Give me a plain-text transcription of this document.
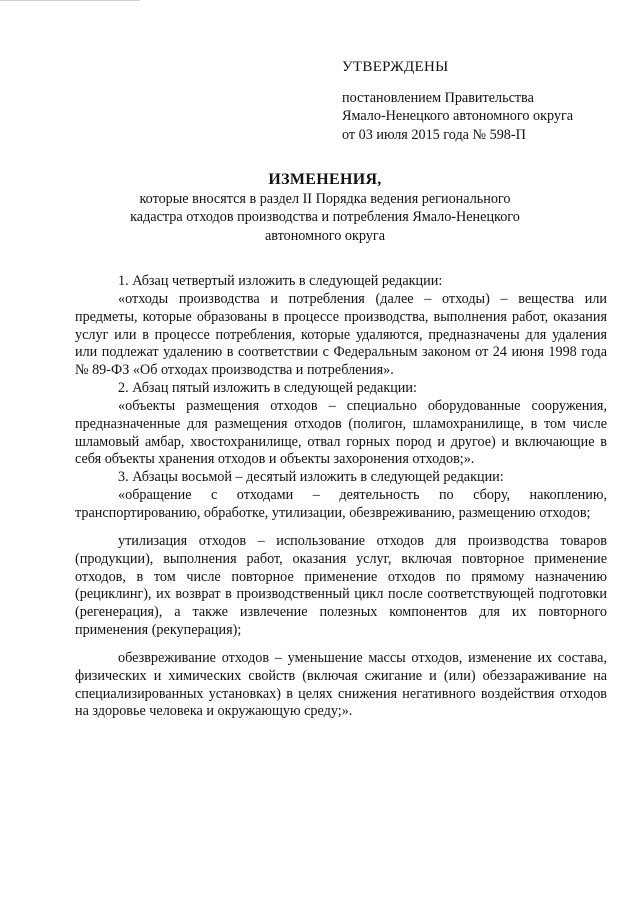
УТВЕРЖДЕНЫ
постановлением Правительства
Ямало-Ненецкого автономного округа
от 03 июля 2015 года № 598-П
ИЗМЕНЕНИЯ,
которые вносятся в раздел II Порядка ведения регионального
кадастра отходов производства и потребления Ямало-Ненецкого
автономного округа

1. Абзац четвертый изложить в следующей редакции:

«отходы производства и потребления (далее – отходы) – вещества или предметы, которые образованы в процессе производства, выполнения работ, оказания услуг или в процессе потребления, которые удаляются, предназначены для удаления или подлежат удалению в соответствии с Федеральным законом от 24 июня 1998 года № 89-ФЗ «Об отходах производства и потребления».

2. Абзац пятый изложить в следующей редакции:

«объекты размещения отходов – специально оборудованные сооружения, предназначенные для размещения отходов (полигон, шламохранилище, в том числе шламовый амбар, хвостохранилище, отвал горных пород и другое) и включающие в себя объекты хранения отходов и объекты захоронения отходов;».

3. Абзацы восьмой – десятый изложить в следующей редакции:

«обращение с отходами – деятельность по сбору, накоплению, транспортированию, обработке, утилизации, обезвреживанию, размещению отходов;

утилизация отходов – использование отходов для производства товаров (продукции), выполнения работ, оказания услуг, включая повторное применение отходов, в том числе повторное применение отходов по прямому назначению (рециклинг), их возврат в производственный цикл после соответствующей подготовки (регенерация), а также извлечение полезных компонентов для их повторного применения (рекуперация);

обезвреживание отходов – уменьшение массы отходов, изменение их состава, физических и химических свойств (включая сжигание и (или) обеззараживание на специализированных установках) в целях снижения негативного воздействия отходов на здоровье человека и окружающую среду;».
